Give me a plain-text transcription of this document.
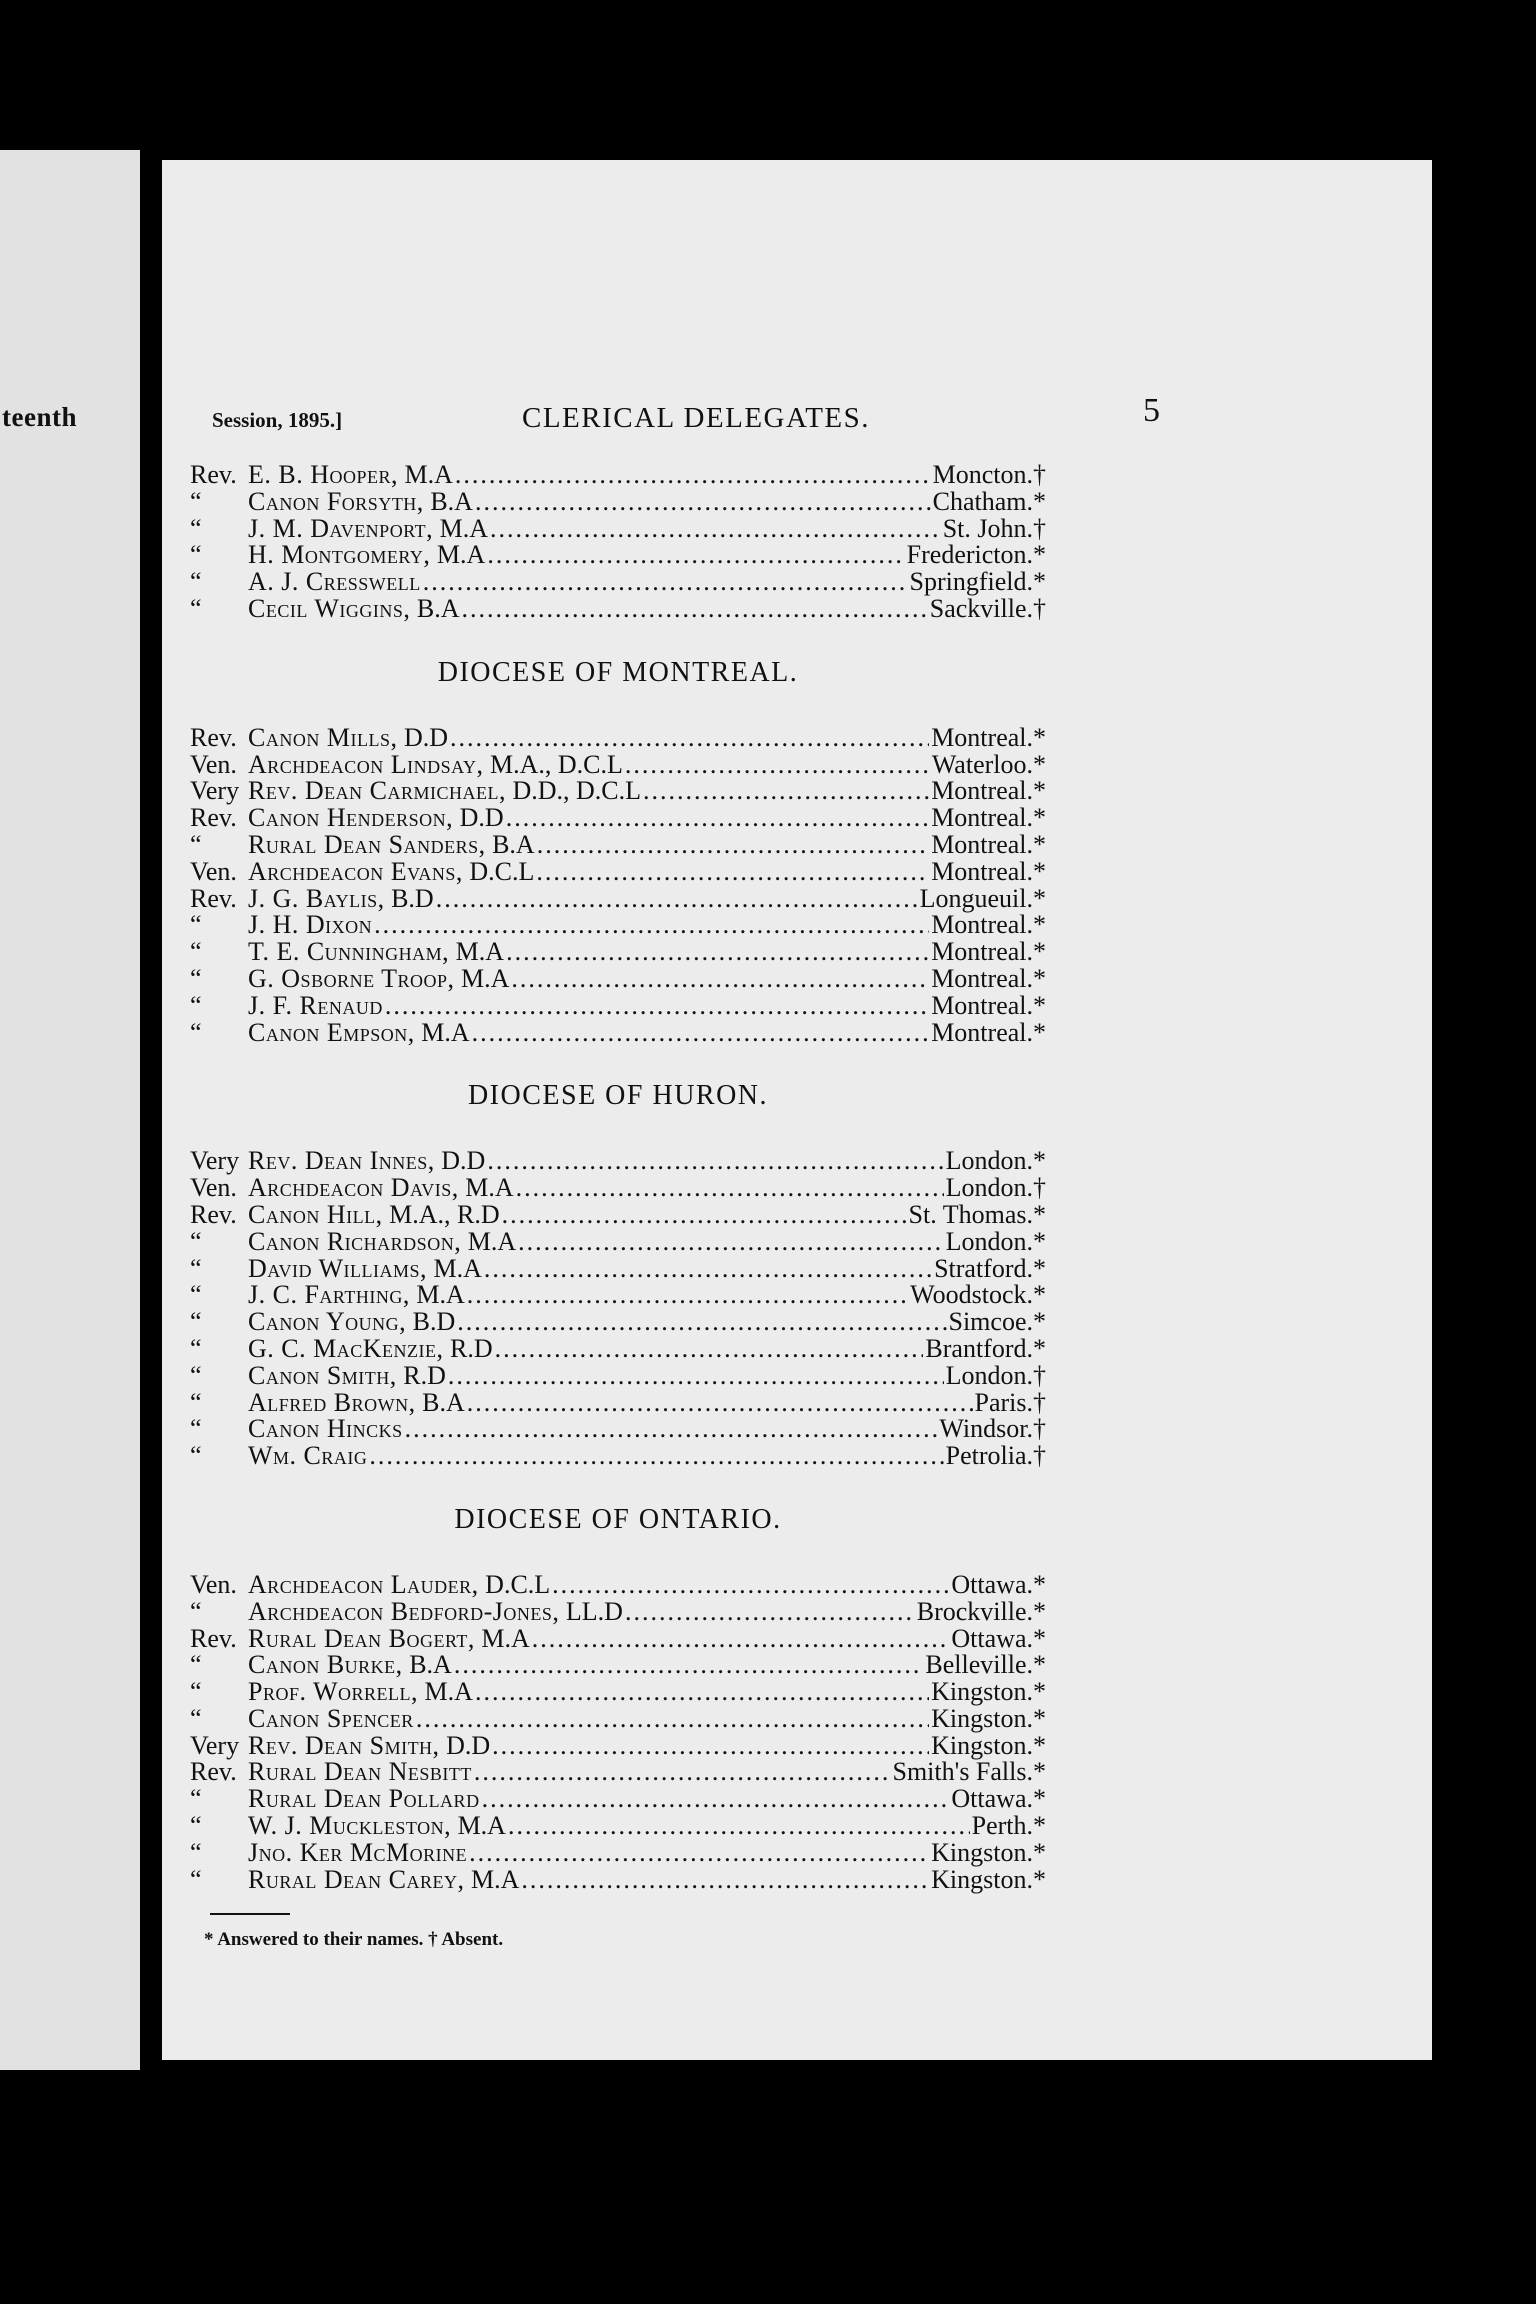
teenth	Session, 1895.]	CLERICAL DELEGATES.	5
Rev. E. B. Hooper, M.A .....	Moncton.†
“	Canon Forsyth, B.A .....	Chatham.*
“	J. M. Davenport, M.A .....	St. John.†
“	H. Montgomery, M.A .....	Fredericton.*
“	A. J. Cresswell .....	Springfield.*
“	Cecil Wiggins, B.A .....	Sackville.†
DIOCESE OF MONTREAL.
Rev. Canon Mills, D.D .....	Montreal.*
Ven. Archdeacon Lindsay, M.A., D.C.L .....	Waterloo.*
Very Rev. Dean Carmichael, D.D., D.C.L .....	Montreal.*
Rev. Canon Henderson, D.D .....	Montreal.*
“	Rural Dean Sanders, B.A .....	Montreal.*
Ven. Archdeacon Evans, D.C.L .....	Montreal.*
Rev. J. G. Baylis, B.D .....	Longueuil.*
“	J. H. Dixon .....	Montreal.*
“	T. E. Cunningham, M.A .....	Montreal.*
“	G. Osborne Troop, M.A .....	Montreal.*
“	J. F. Renaud .....	Montreal.*
“	Canon Empson, M.A .....	Montreal.*
DIOCESE OF HURON.
Very Rev. Dean Innes, D.D .....	London.*
Ven. Archdeacon Davis, M.A .....	London.†
Rev. Canon Hill, M.A., R.D .....	St. Thomas.*
“	Canon Richardson, M.A .....	London.*
“	David Williams, M.A .....	Stratford.*
“	J. C. Farthing, M.A .....	Woodstock.*
“	Canon Young, B.D .....	Simcoe.*
“	G. C. MacKenzie, R.D .....	Brantford.*
“	Canon Smith, R.D .....	London.†
“	Alfred Brown, B.A .....	Paris.†
“	Canon Hincks .....	Windsor.†
“	Wm. Craig .....	Petrolia.†
DIOCESE OF ONTARIO.
Ven. Archdeacon Lauder, D.C.L .....	Ottawa.*
“	Archdeacon Bedford-Jones, LL.D .....	Brockville.*
Rev. Rural Dean Bogert, M.A .....	Ottawa.*
“	Canon Burke, B.A .....	Belleville.*
“	Prof. Worrell, M.A .....	Kingston.*
“	Canon Spencer .....	Kingston.*
Very Rev. Dean Smith, D.D .....	Kingston.*
Rev. Rural Dean Nesbitt .....	Smith's Falls.*
“	Rural Dean Pollard .....	Ottawa.*
“	W. J. Muckleston, M.A .....	Perth.*
“	Jno. Ker McMorine .....	Kingston.*
“	Rural Dean Carey, M.A .....	Kingston.*
* Answered to their names. † Absent.
